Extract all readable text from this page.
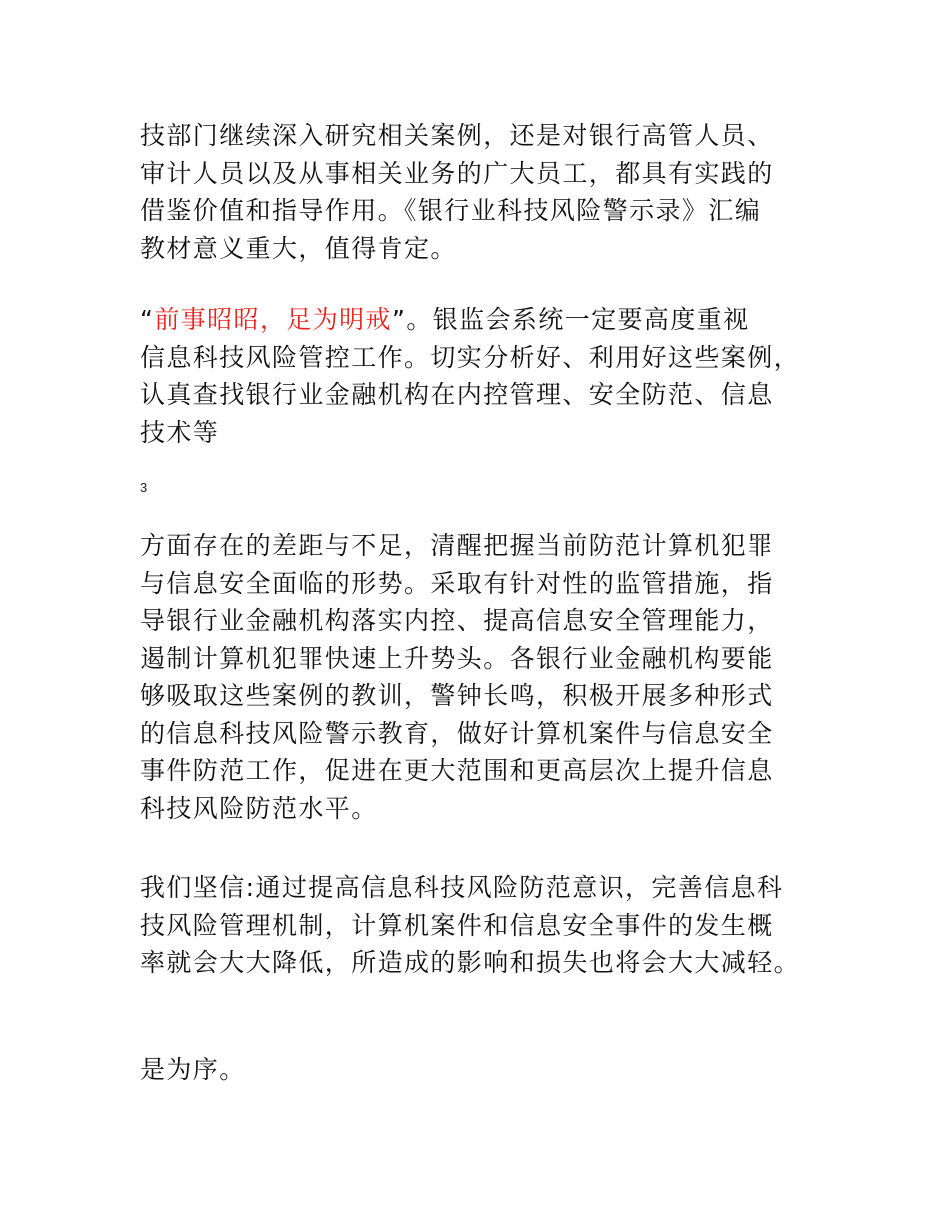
技部门继续深入研究相关案例，还是对银行高管人员、
审计人员以及从事相关业务的广大员工，都具有实践的
借鉴价值和指导作用。《银行业科技风险警示录》汇编
教材意义重大，值得肯定。

“前事昭昭，足为明戒”。银监会系统一定要高度重视
信息科技风险管控工作。切实分析好、利用好这些案例，
认真查找银行业金融机构在内控管理、安全防范、信息
技术等

3

方面存在的差距与不足，清醒把握当前防范计算机犯罪
与信息安全面临的形势。采取有针对性的监管措施，指
导银行业金融机构落实内控、提高信息安全管理能力，
遏制计算机犯罪快速上升势头。各银行业金融机构要能
够吸取这些案例的教训，警钟长鸣，积极开展多种形式
的信息科技风险警示教育，做好计算机案件与信息安全
事件防范工作，促进在更大范围和更高层次上提升信息
科技风险防范水平。

我们坚信:通过提高信息科技风险防范意识，完善信息科
技风险管理机制，计算机案件和信息安全事件的发生概
率就会大大降低，所造成的影响和损失也将会大大减轻。

是为序。
